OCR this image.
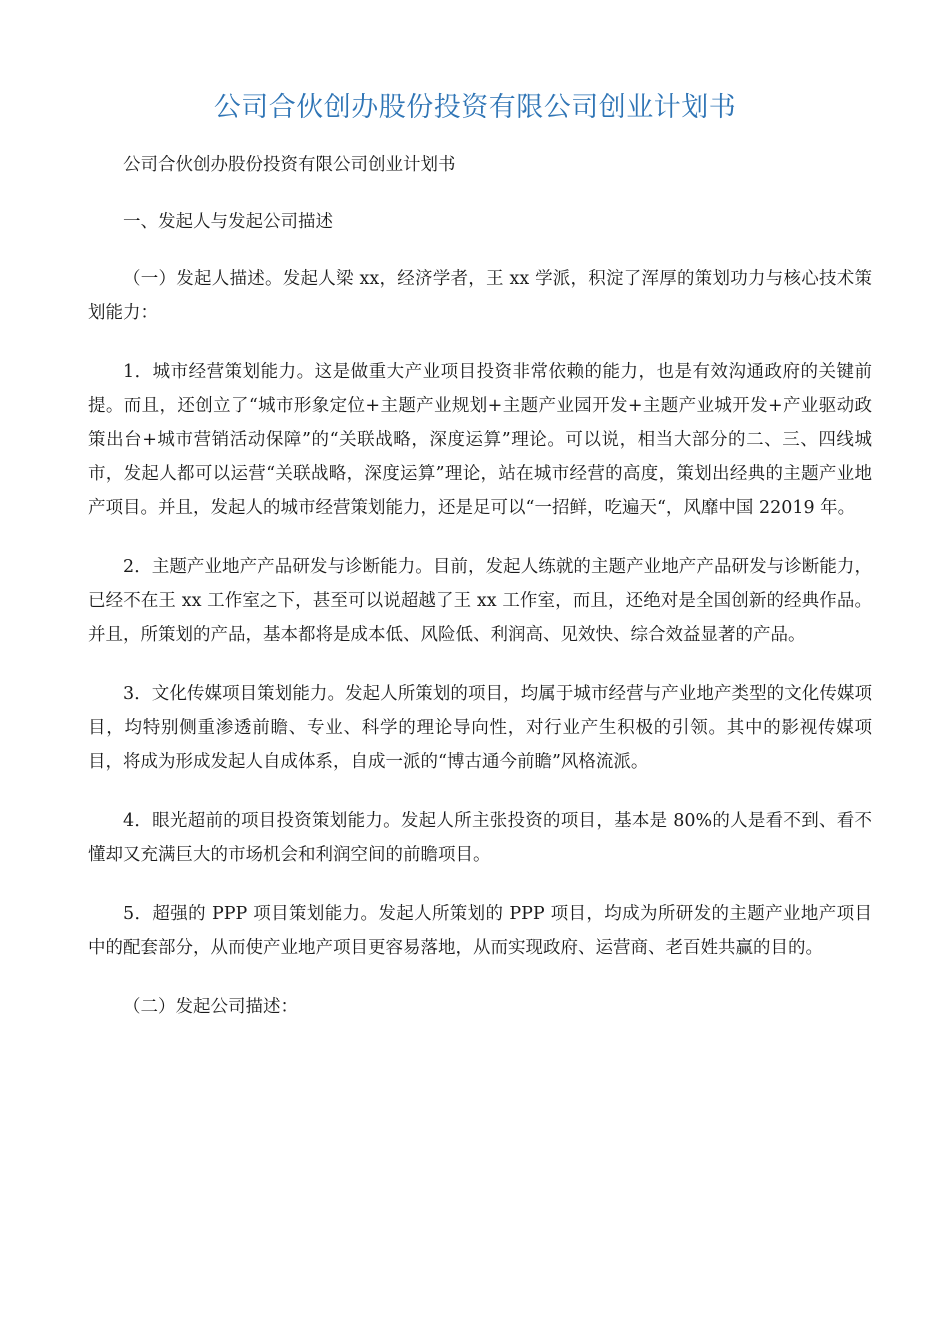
公司合伙创办股份投资有限公司创业计划书

公司合伙创办股份投资有限公司创业计划书

一、发起人与发起公司描述

（一）发起人描述。发起人梁 xx，经济学者，王 xx 学派，积淀了浑厚的策划功力与核心技术策划能力：

1．城市经营策划能力。这是做重大产业项目投资非常依赖的能力，也是有效沟通政府的关键前提。而且，还创立了“城市形象定位+主题产业规划+主题产业园开发+主题产业城开发+产业驱动政策出台+城市营销活动保障”的“关联战略，深度运算”理论。可以说，相当大部分的二、三、四线城市，发起人都可以运营“关联战略，深度运算”理论，站在城市经营的高度，策划出经典的主题产业地产项目。并且，发起人的城市经营策划能力，还是足可以“一招鲜，吃遍天“，风靡中国 22019 年。

2．主题产业地产产品研发与诊断能力。目前，发起人练就的主题产业地产产品研发与诊断能力，已经不在王 xx 工作室之下，甚至可以说超越了王 xx 工作室，而且，还绝对是全国创新的经典作品。并且，所策划的产品，基本都将是成本低、风险低、利润高、见效快、综合效益显著的产品。

3．文化传媒项目策划能力。发起人所策划的项目，均属于城市经营与产业地产类型的文化传媒项目，均特别侧重渗透前瞻、专业、科学的理论导向性，对行业产生积极的引领。其中的影视传媒项目，将成为形成发起人自成体系，自成一派的“博古通今前瞻”风格流派。

4．眼光超前的项目投资策划能力。发起人所主张投资的项目，基本是 80%的人是看不到、看不懂却又充满巨大的市场机会和利润空间的前瞻项目。

5．超强的 PPP 项目策划能力。发起人所策划的 PPP 项目，均成为所研发的主题产业地产项目中的配套部分，从而使产业地产项目更容易落地，从而实现政府、运营商、老百姓共赢的目的。

（二）发起公司描述：
